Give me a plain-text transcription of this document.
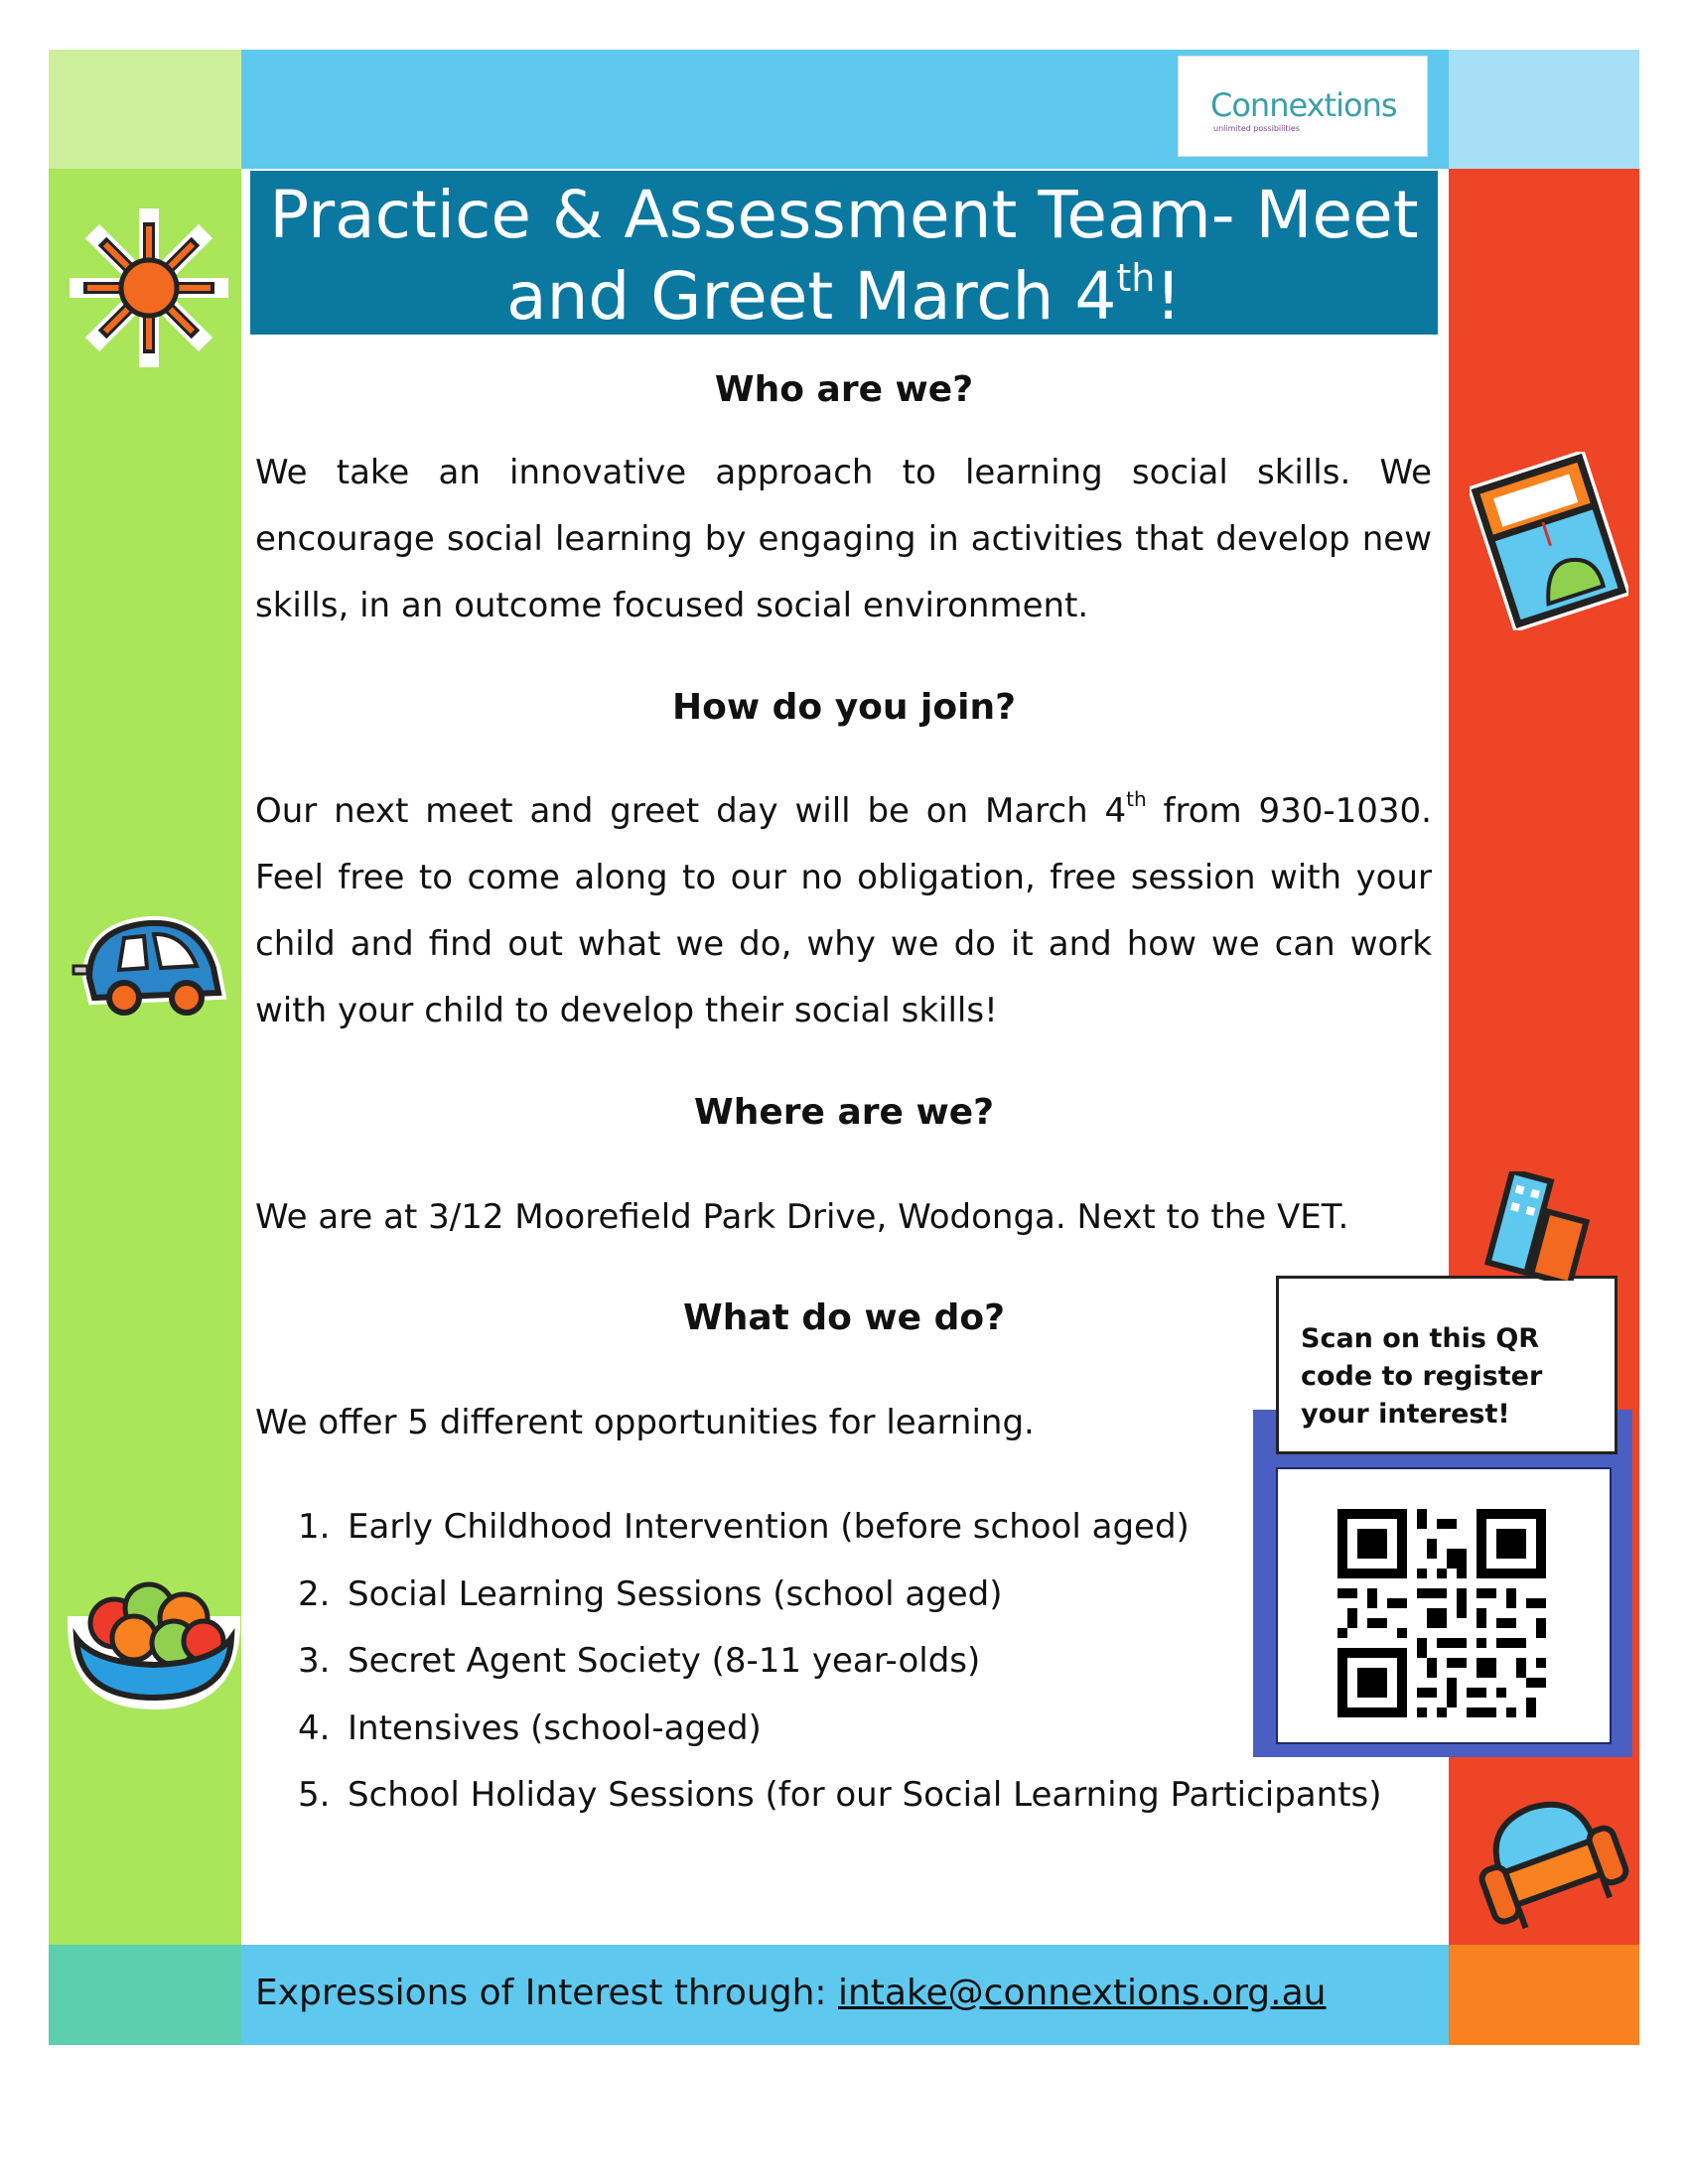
Connextions
unlimited possibilities
Practice & Assessment Team- Meet
and Greet March 4th!
Who are we?
We take an innovative approach to learning social skills. We encourage social learning by engaging in activities that develop new skills, in an outcome focused social environment.
How do you join?
Our next meet and greet day will be on March 4th from 930-1030. Feel free to come along to our no obligation, free session with your child and find out what we do, why we do it and how we can work with your child to develop their social skills!
Where are we?
We are at 3/12 Moorefield Park Drive, Wodonga. Next to the VET.
What do we do?
We offer 5 different opportunities for learning.
1. Early Childhood Intervention (before school aged)
2. Social Learning Sessions (school aged)
3. Secret Agent Society (8-11 year-olds)
4. Intensives (school-aged)
5. School Holiday Sessions (for our Social Learning Participants)
Scan on this QR code to register your interest!
Expressions of Interest through: intake@connextions.org.au
